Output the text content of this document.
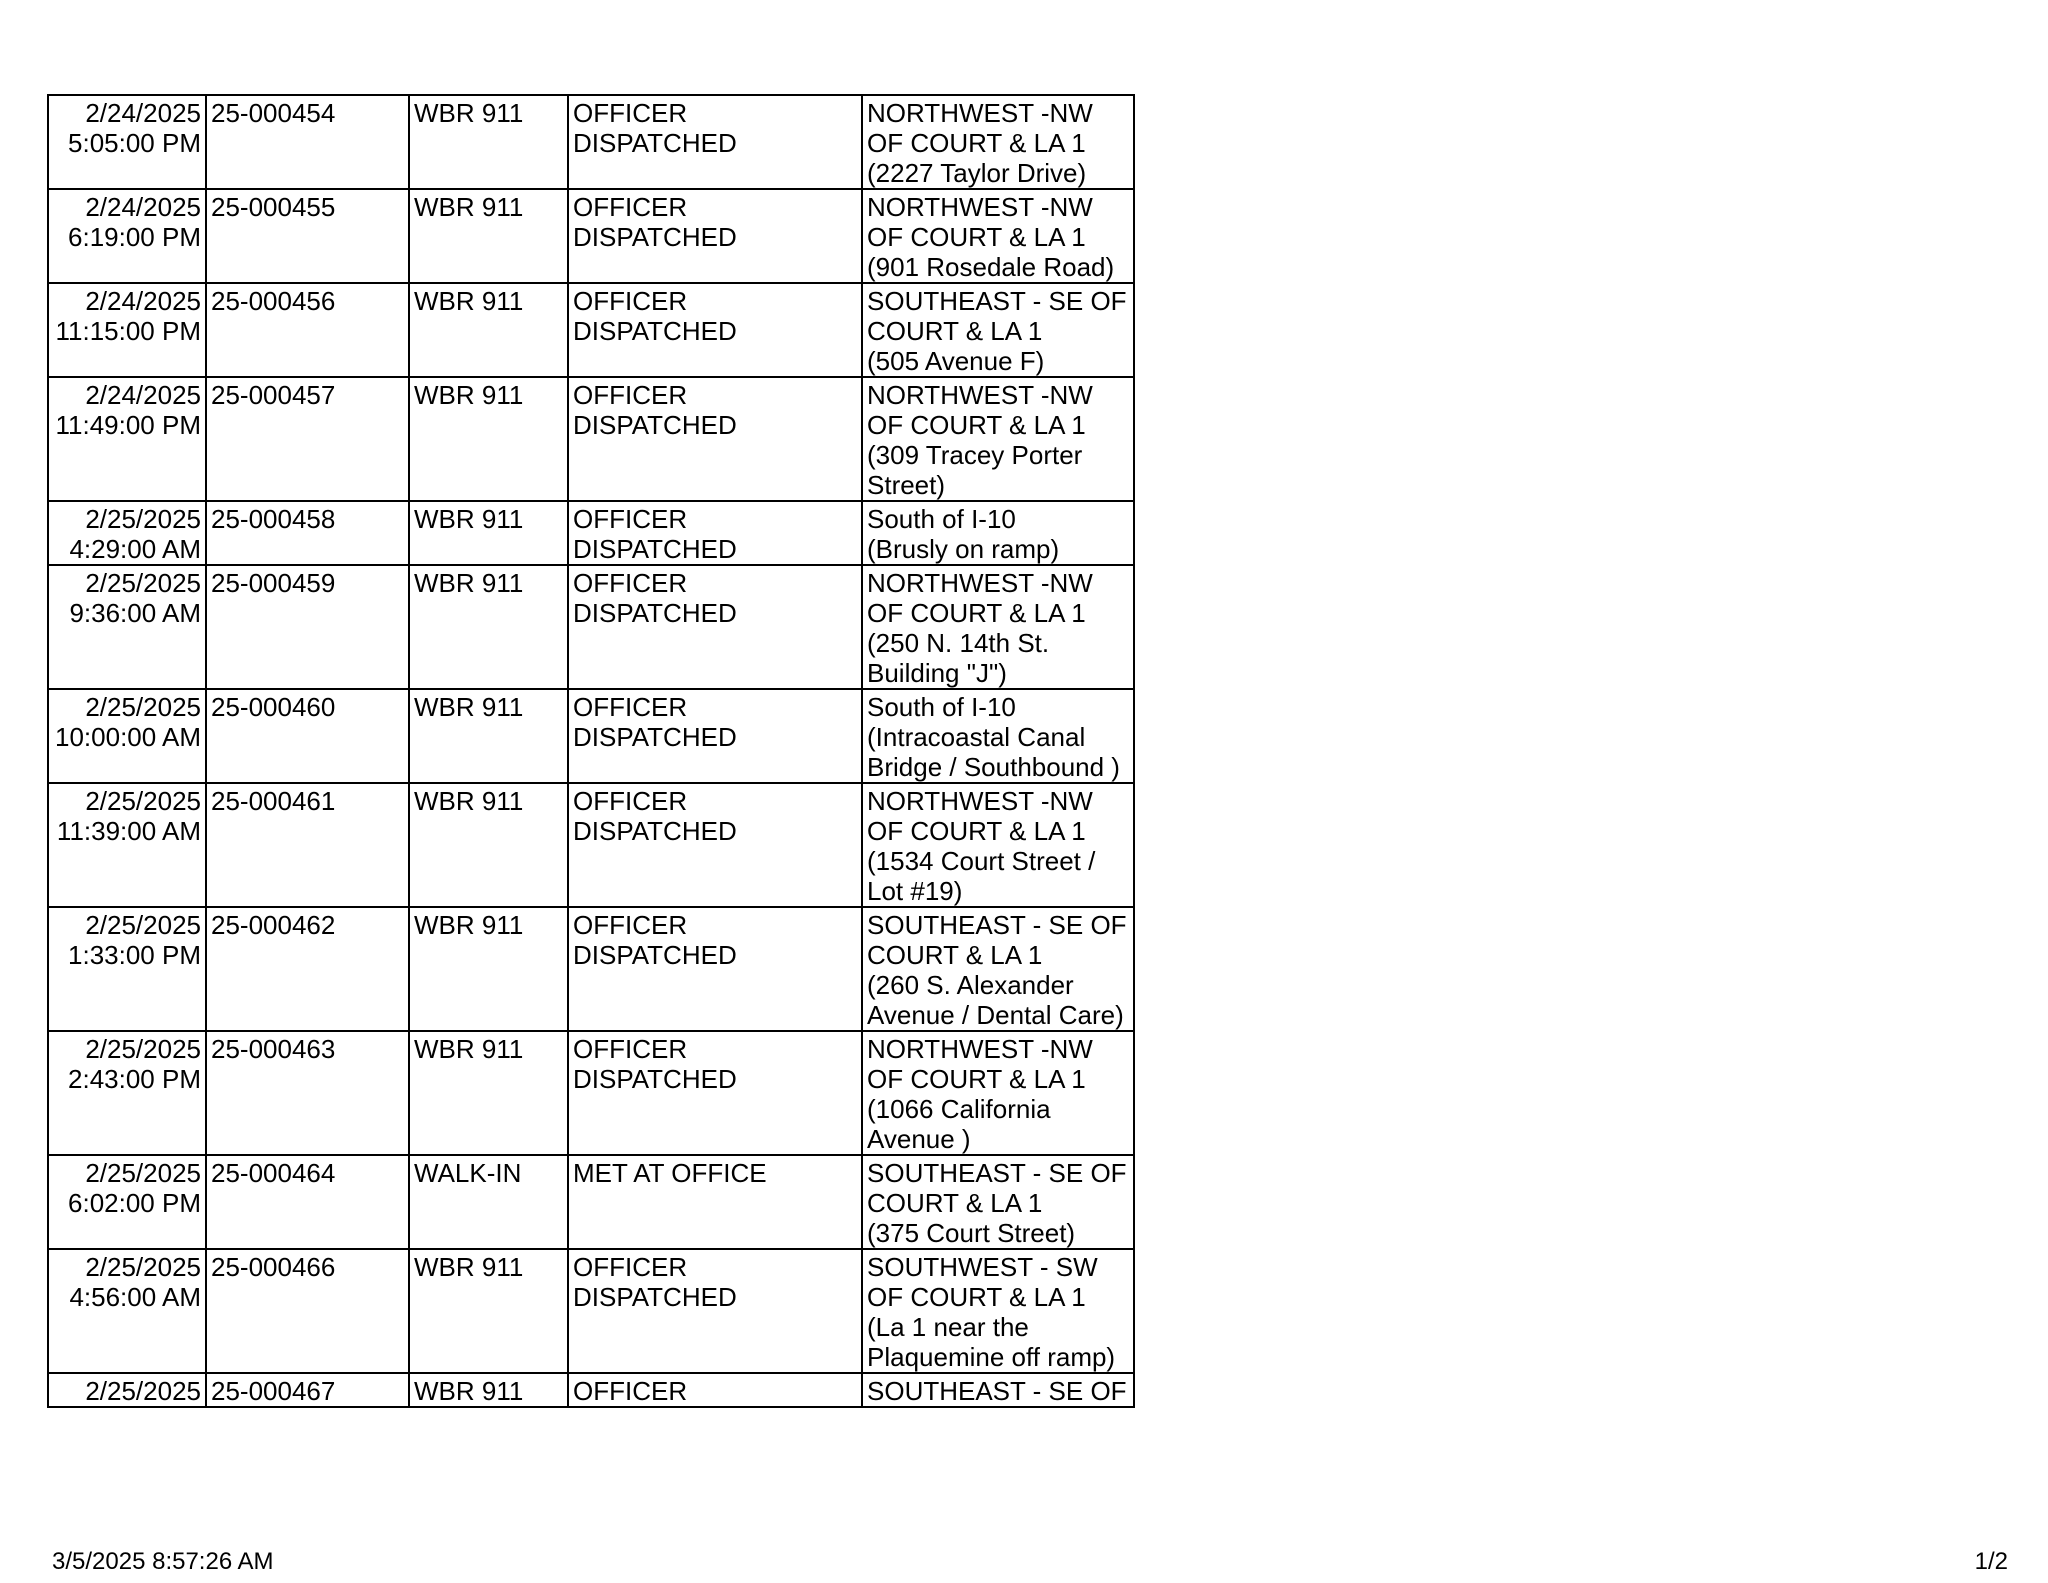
2/24/2025
5:05:00 PM	25-000454	WBR 911	OFFICER
DISPATCHED	NORTHWEST -NW
OF COURT & LA 1
(2227 Taylor Drive)

2/24/2025
6:19:00 PM	25-000455	WBR 911	OFFICER
DISPATCHED	NORTHWEST -NW
OF COURT & LA 1
(901 Rosedale Road)

2/24/2025
11:15:00 PM	25-000456	WBR 911	OFFICER
DISPATCHED	SOUTHEAST - SE OF
COURT & LA 1
(505 Avenue F)

2/24/2025
11:49:00 PM	25-000457	WBR 911	OFFICER
DISPATCHED	NORTHWEST -NW
OF COURT & LA 1
(309 Tracey Porter
Street)

2/25/2025
4:29:00 AM	25-000458	WBR 911	OFFICER
DISPATCHED	South of I-10
(Brusly on ramp)

2/25/2025
9:36:00 AM	25-000459	WBR 911	OFFICER
DISPATCHED	NORTHWEST -NW
OF COURT & LA 1
(250 N. 14th St.
Building "J")

2/25/2025
10:00:00 AM	25-000460	WBR 911	OFFICER
DISPATCHED	South of I-10
(Intracoastal Canal
Bridge / Southbound )

2/25/2025
11:39:00 AM	25-000461	WBR 911	OFFICER
DISPATCHED	NORTHWEST -NW
OF COURT & LA 1
(1534 Court Street /
Lot #19)

2/25/2025
1:33:00 PM	25-000462	WBR 911	OFFICER
DISPATCHED	SOUTHEAST - SE OF
COURT & LA 1
(260 S. Alexander
Avenue / Dental Care)

2/25/2025
2:43:00 PM	25-000463	WBR 911	OFFICER
DISPATCHED	NORTHWEST -NW
OF COURT & LA 1
(1066 California
Avenue )

2/25/2025
6:02:00 PM	25-000464	WALK-IN	MET AT OFFICE	SOUTHEAST - SE OF
COURT & LA 1
(375 Court Street)

2/25/2025
4:56:00 AM	25-000466	WBR 911	OFFICER
DISPATCHED	SOUTHWEST - SW
OF COURT & LA 1
(La 1 near the
Plaquemine off ramp)

2/25/2025	25-000467	WBR 911	OFFICER	SOUTHEAST - SE OF
3/5/2025 8:57:26 AM	1/2
